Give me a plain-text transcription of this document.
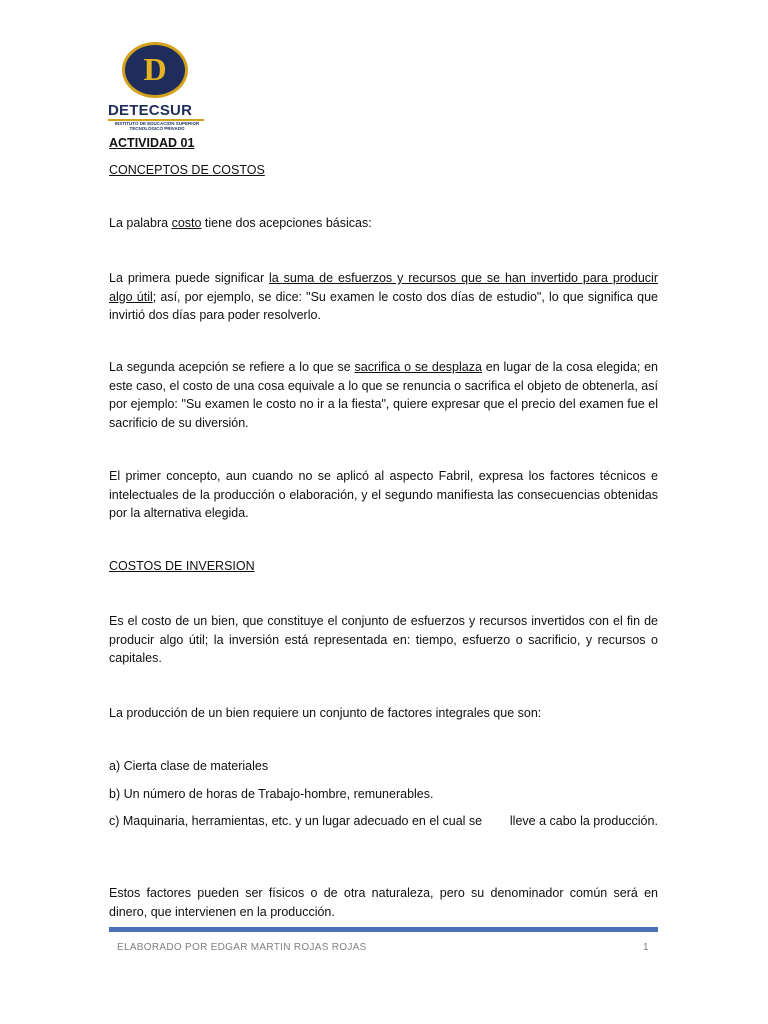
D
DETECSUR
INSTITUTO DE EDUCACION SUPERIOR
TECNOLÓGICO PRIVADO
ACTIVIDAD 01
CONCEPTOS DE COSTOS
La palabra costo tiene dos acepciones básicas:
La primera puede significar la suma de esfuerzos y recursos que se han invertido para producir algo útil; así, por ejemplo, se dice: "Su examen le costo dos días de estudio", lo que significa que invirtió dos días para poder resolverlo.
La segunda acepción se refiere a lo que se sacrifica o se desplaza en lugar de la cosa elegida; en este caso, el costo de una cosa equivale a lo que se renuncia o sacrifica el objeto de obtenerla, así por ejemplo: "Su examen le costo no ir a la fiesta", quiere expresar que el precio del examen fue el sacrificio de su diversión.
El primer concepto, aun cuando no se aplicó al aspecto Fabril, expresa los factores técnicos e intelectuales de la producción o elaboración, y el segundo manifiesta las consecuencias obtenidas por la alternativa elegida.
COSTOS DE INVERSION
Es el costo de un bien, que constituye el conjunto de esfuerzos y recursos invertidos con el fin de producir algo útil; la inversión está representada en: tiempo, esfuerzo o sacrificio, y recursos o capitales.
La producción de un bien requiere un conjunto de factores integrales que son:
a) Cierta clase de materiales
b) Un número de horas de Trabajo-hombre, remunerables.
c) Maquinaria, herramientas, etc. y un lugar adecuado en el cual se        lleve a cabo la producción.
Estos factores pueden ser físicos o de otra naturaleza, pero su denominador común será en dinero, que intervienen en la producción.
ELABORADO POR EDGAR MARTIN ROJAS ROJAS	1
